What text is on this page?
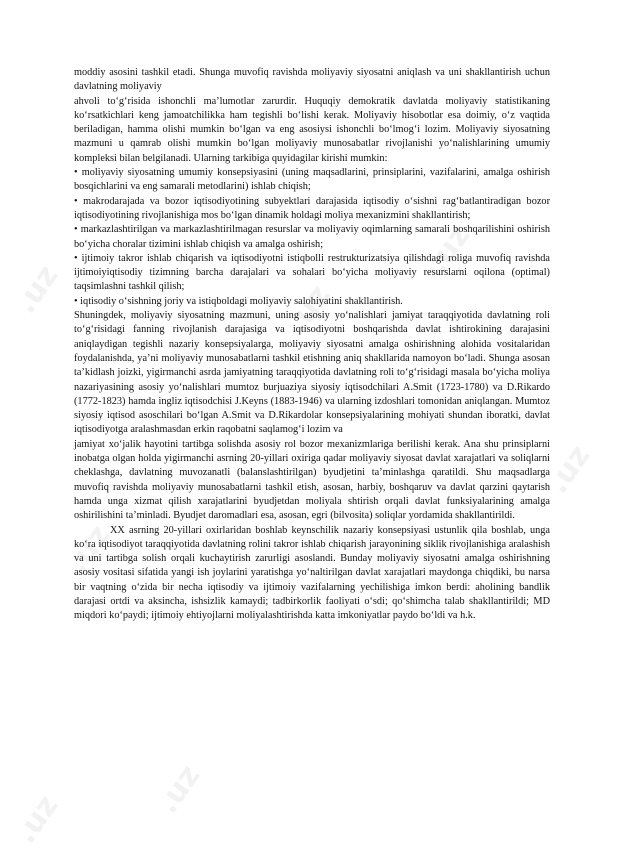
.uz
.uz
.uz
.uz
.uz
.uz
.uz

moddiy asosini tashkil etadi. Shunga muvofiq ravishda moliyaviy siyosatni aniqlash va uni shakllantirish uchun davlatning moliyaviy

ahvoli to‘g‘risida ishonchli ma’lumotlar zarurdir. Huquqiy demokratik davlatda moliyaviy statistikaning ko‘rsatkichlari keng jamoatchilikka ham tegishli bo‘lishi kerak. Moliyaviy hisobotlar esa doimiy, o‘z vaqtida beriladigan, hamma olishi mumkin bo‘lgan va eng asosiysi ishonchli bo‘lmog‘i lozim. Moliyaviy siyosatning mazmuni u qamrab olishi mumkin bo‘lgan moliyaviy munosabatlar rivojlanishi yo‘nalishlarining umumiy kompleksi bilan belgilanadi. Ularning tarkibiga quyidagilar kirishi mumkin:

• moliyaviy siyosatning umumiy konsepsiyasini (uning maqsadlarini, prinsiplarini, vazifalarini, amalga oshirish bosqichlarini va eng samarali metodlarini) ishlab chiqish;

• makrodarajada va bozor iqtisodiyotining subyektlari darajasida iqtisodiy o‘sishni rag‘batlantiradigan bozor iqtisodiyotining rivojlanishiga mos bo‘lgan dinamik holdagi moliya mexanizmini shakllantirish;

• markazlashtirilgan va markazlashtirilmagan resurslar va moliyaviy oqimlarning samarali boshqarilishini oshirish bo‘yicha choralar tizimini ishlab chiqish va amalga oshirish;

• ijtimoiy takror ishlab chiqarish va iqtisodiyotni istiqbolli restrukturizatsiya qilishdagi roliga muvofiq ravishda ijtimoiyiqtisodiy tizimning barcha darajalari va sohalari bo‘yicha moliyaviy resurslarni oqilona (optimal) taqsimlashni tashkil qilish;

• iqtisodiy o‘sishning joriy va istiqboldagi moliyaviy salohiyatini shakllantirish.

Shuningdek, moliyaviy siyosatning mazmuni, uning asosiy yo‘nalishlari jamiyat taraqqiyotida davlatning roli to‘g‘risidagi fanning rivojlanish darajasiga va iqtisodiyotni boshqarishda davlat ishtirokining darajasini aniqlaydigan tegishli nazariy konsepsiyalarga, moliyaviy siyosatni amalga oshirishning alohida vositalaridan foydalanishda, ya’ni moliyaviy munosabatlarni tashkil etishning aniq shakllarida namoyon bo‘ladi. Shunga asosan ta’kidlash joizki, yigirmanchi asrda jamiyatning taraqqiyotida davlatning roli to‘g‘risidagi masala bo‘yicha moliya nazariyasining asosiy yo‘nalishlari mumtoz burjuaziya siyosiy iqtisodchilari A.Smit (1723-1780) va D.Rikardo (1772-1823) hamda ingliz iqtisodchisi J.Keyns (1883-1946) va ularning izdoshlari tomonidan aniqlangan. Mumtoz siyosiy iqtisod asoschilari bo‘lgan A.Smit va D.Rikardolar konsepsiyalarining mohiyati shundan iboratki, davlat iqtisodiyotga aralashmasdan erkin raqobatni saqlamog‘i lozim va

jamiyat xo‘jalik hayotini tartibga solishda asosiy rol bozor mexanizmlariga berilishi kerak. Ana shu prinsiplarni inobatga olgan holda yigirmanchi asrning 20-yillari oxiriga qadar moliyaviy siyosat davlat xarajatlari va soliqlarni cheklashga, davlatning muvozanatli (balanslashtirilgan) byudjetini ta’minlashga qaratildi. Shu maqsadlarga muvofiq ravishda moliyaviy munosabatlarni tashkil etish, asosan, harbiy, boshqaruv va davlat qarzini qaytarish hamda unga xizmat qilish xarajatlarini byudjetdan moliyala shtirish orqali davlat funksiyalarining amalga oshirilishini ta’minladi. Byudjet daromadlari esa, asosan, egri (bilvosita) soliqlar yordamida shakllantirildi.

XX asrning 20-yillari oxirlaridan boshlab keynschilik nazariy konsepsiyasi ustunlik qila boshlab, unga ko‘ra iqtisodiyot taraqqiyotida davlatning rolini takror ishlab chiqarish jarayonining siklik rivojlanishiga aralashish va uni tartibga solish orqali kuchaytirish zarurligi asoslandi. Bunday moliyaviy siyosatni amalga oshirishning asosiy vositasi sifatida yangi ish joylarini yaratishga yo‘naltirilgan davlat xarajatlari maydonga chiqdiki, bu narsa bir vaqtning o‘zida bir necha iqtisodiy va ijtimoiy vazifalarning yechilishiga imkon berdi: aholining bandlik darajasi ortdi va aksincha, ishsizlik kamaydi; tadbirkorlik faoliyati o‘sdi; qo‘shimcha talab shakllantirildi; MD miqdori ko‘paydi; ijtimoiy ehtiyojlarni moliyalashtirishda katta imkoniyatlar paydo bo‘ldi va h.k.
